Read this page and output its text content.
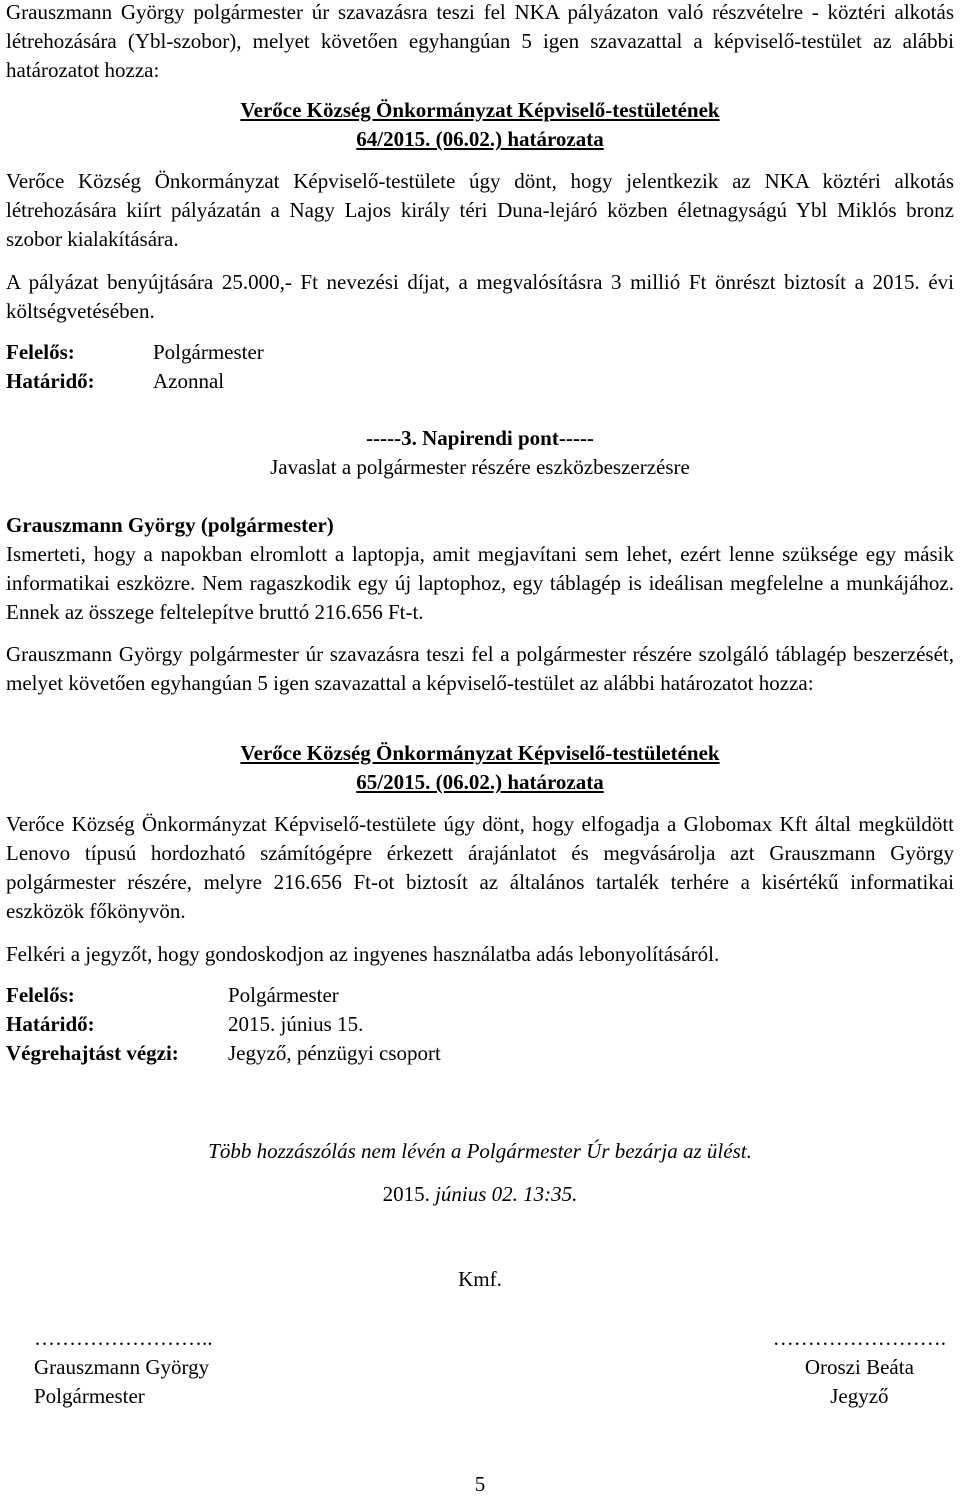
Grauszmann György polgármester úr szavazásra teszi fel NKA pályázaton való részvételre - köztéri alkotás létrehozására (Ybl-szobor), melyet követően egyhangúan 5 igen szavazattal a képviselő-testület az alábbi határozatot hozza:

Verőce Község Önkormányzat Képviselő-testületének
64/2015. (06.02.) határozata

Verőce Község Önkormányzat Képviselő-testülete úgy dönt, hogy jelentkezik az NKA köztéri alkotás létrehozására kiírt pályázatán a Nagy Lajos király téri Duna-lejáró közben életnagyságú Ybl Miklós bronz szobor kialakítására.

A pályázat benyújtására 25.000,- Ft nevezési díjat, a megvalósításra 3 millió Ft önrészt biztosít a 2015. évi költségvetésében.

Felelős:	Polgármester
Határidő:	Azonnal
-----3. Napirendi pont-----
Javaslat a polgármester részére eszközbeszerzésre

Grauszmann György (polgármester)

Ismerteti, hogy a napokban elromlott a laptopja, amit megjavítani sem lehet, ezért lenne szüksége egy másik informatikai eszközre. Nem ragaszkodik egy új laptophoz, egy táblagép is ideálisan megfelelne a munkájához. Ennek az összege feltelepítve bruttó 216.656 Ft-t.

Grauszmann György polgármester úr szavazásra teszi fel a polgármester részére szolgáló táblagép beszerzését, melyet követően egyhangúan 5 igen szavazattal a képviselő-testület az alábbi határozatot hozza:

Verőce Község Önkormányzat Képviselő-testületének
65/2015. (06.02.) határozata

Verőce Község Önkormányzat Képviselő-testülete úgy dönt, hogy elfogadja a Globomax Kft által megküldött Lenovo típusú hordozható számítógépre érkezett árajánlatot és megvásárolja azt Grauszmann György polgármester részére, melyre 216.656 Ft-ot biztosít az általános tartalék terhére a kisértékű informatikai eszközök főkönyvön.

Felkéri a jegyzőt, hogy gondoskodjon az ingyenes használatba adás lebonyolításáról.

Felelős:	Polgármester
Határidő:	2015. június 15.
Végrehajtást végzi:	Jegyző, pénzügyi csoport
Több hozzászólás nem lévén a Polgármester Úr bezárja az ülést.
2015. június 02. 13:35.
Kmf.
……………………..
Grauszmann György
Polgármester
…………………….
Oroszi Beáta
Jegyző
5
